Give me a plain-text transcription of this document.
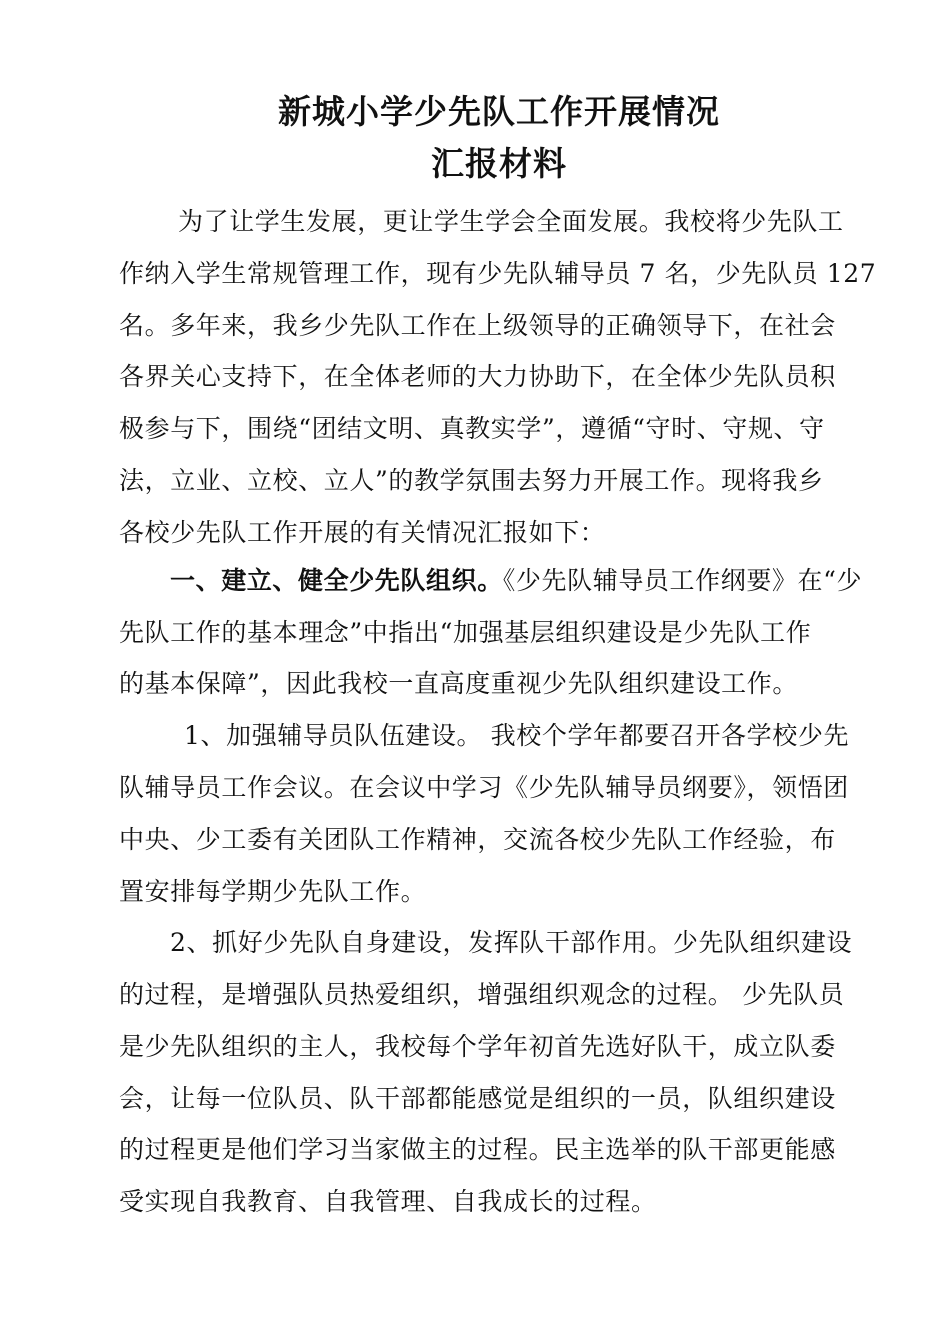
新城小学少先队工作开展情况
汇报材料
为了让学生发展，更让学生学会全面发展。我校将少先队工
作纳入学生常规管理工作，现有少先队辅导员 7 名，少先队员 127
名。多年来，我乡少先队工作在上级领导的正确领导下，在社会
各界关心支持下，在全体老师的大力协助下，在全体少先队员积
极参与下，围绕“团结文明、真教实学”，遵循“守时、守规、守
法，立业、立校、立人”的教学氛围去努力开展工作。现将我乡
各校少先队工作开展的有关情况汇报如下：
一、建立、健全少先队组织。《少先队辅导员工作纲要》在“少
先队工作的基本理念”中指出“加强基层组织建设是少先队工作
的基本保障”，因此我校一直高度重视少先队组织建设工作。
1、加强辅导员队伍建设。 我校个学年都要召开各学校少先
队辅导员工作会议。在会议中学习《少先队辅导员纲要》，领悟团
中央、少工委有关团队工作精神，交流各校少先队工作经验，布
置安排每学期少先队工作。
2、抓好少先队自身建设，发挥队干部作用。少先队组织建设
的过程，是增强队员热爱组织，增强组织观念的过程。 少先队员
是少先队组织的主人，我校每个学年初首先选好队干，成立队委
会，让每一位队员、队干部都能感觉是组织的一员，队组织建设
的过程更是他们学习当家做主的过程。民主选举的队干部更能感
受实现自我教育、自我管理、自我成长的过程。
